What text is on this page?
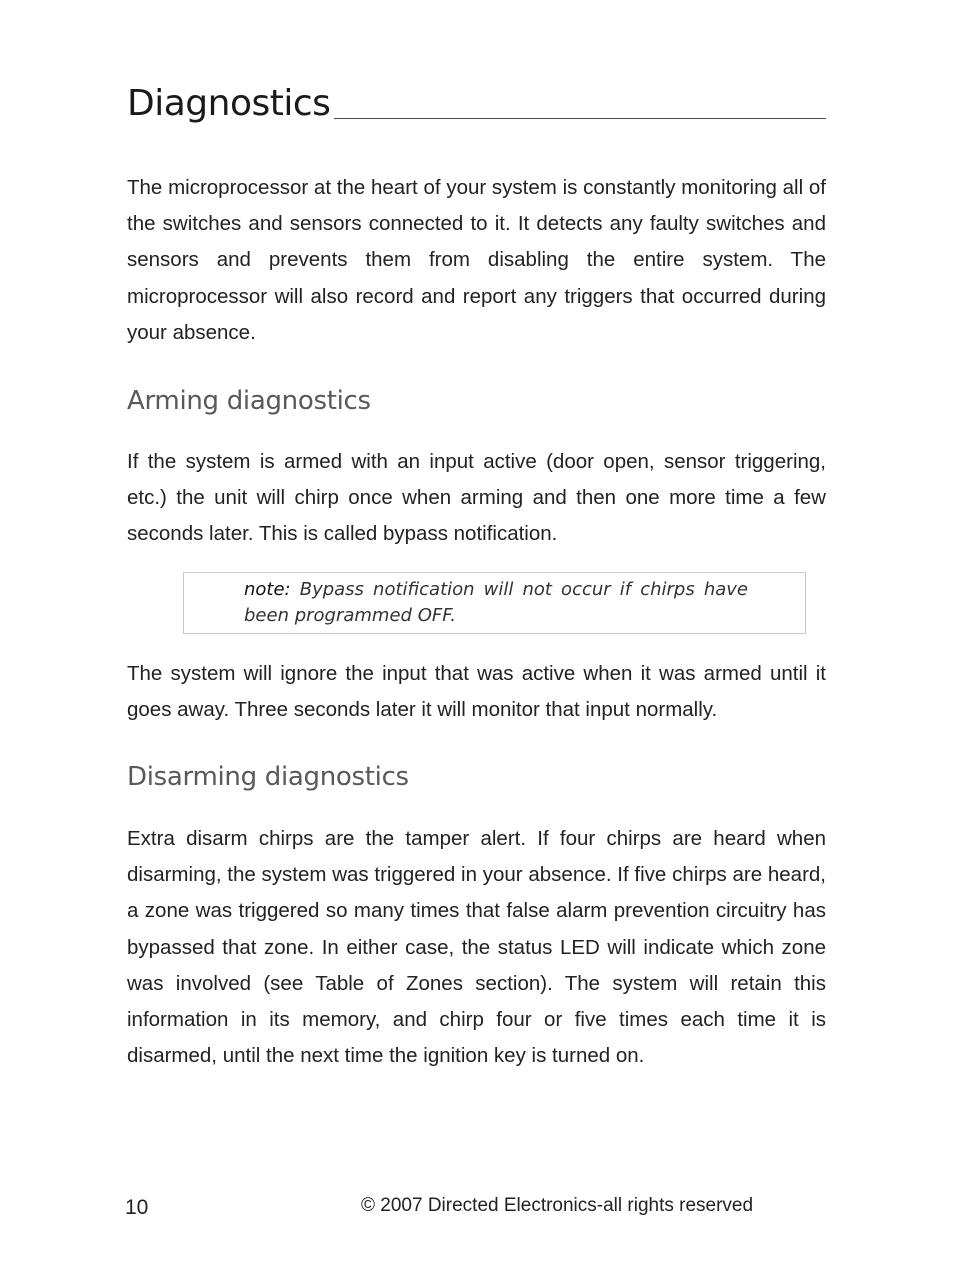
Diagnostics

The microprocessor at the heart of your system is constantly monitoring all of the switches and sensors connected to it. It detects any faulty switches and sensors and prevents them from disabling the entire system. The microprocessor will also record and report any triggers that occurred during your absence.

Arming diagnostics

If the system is armed with an input active (door open, sensor triggering, etc.) the unit will chirp once when arming and then one more time a few seconds later. This is called bypass notification.

note: Bypass notification will not occur if chirps have been programmed OFF.

The system will ignore the input that was active when it was armed until it goes away. Three seconds later it will monitor that input normally.

Disarming diagnostics

Extra disarm chirps are the tamper alert. If four chirps are heard when disarming, the system was triggered in your absence. If five chirps are heard, a zone was triggered so many times that false alarm prevention circuitry has bypassed that zone. In either case, the status LED will indicate which zone was involved (see Table of Zones section). The system will retain this information in its memory, and chirp four or five times each time it is disarmed, until the next time the ignition key is turned on.

10	© 2007 Directed Electronics-all rights reserved
